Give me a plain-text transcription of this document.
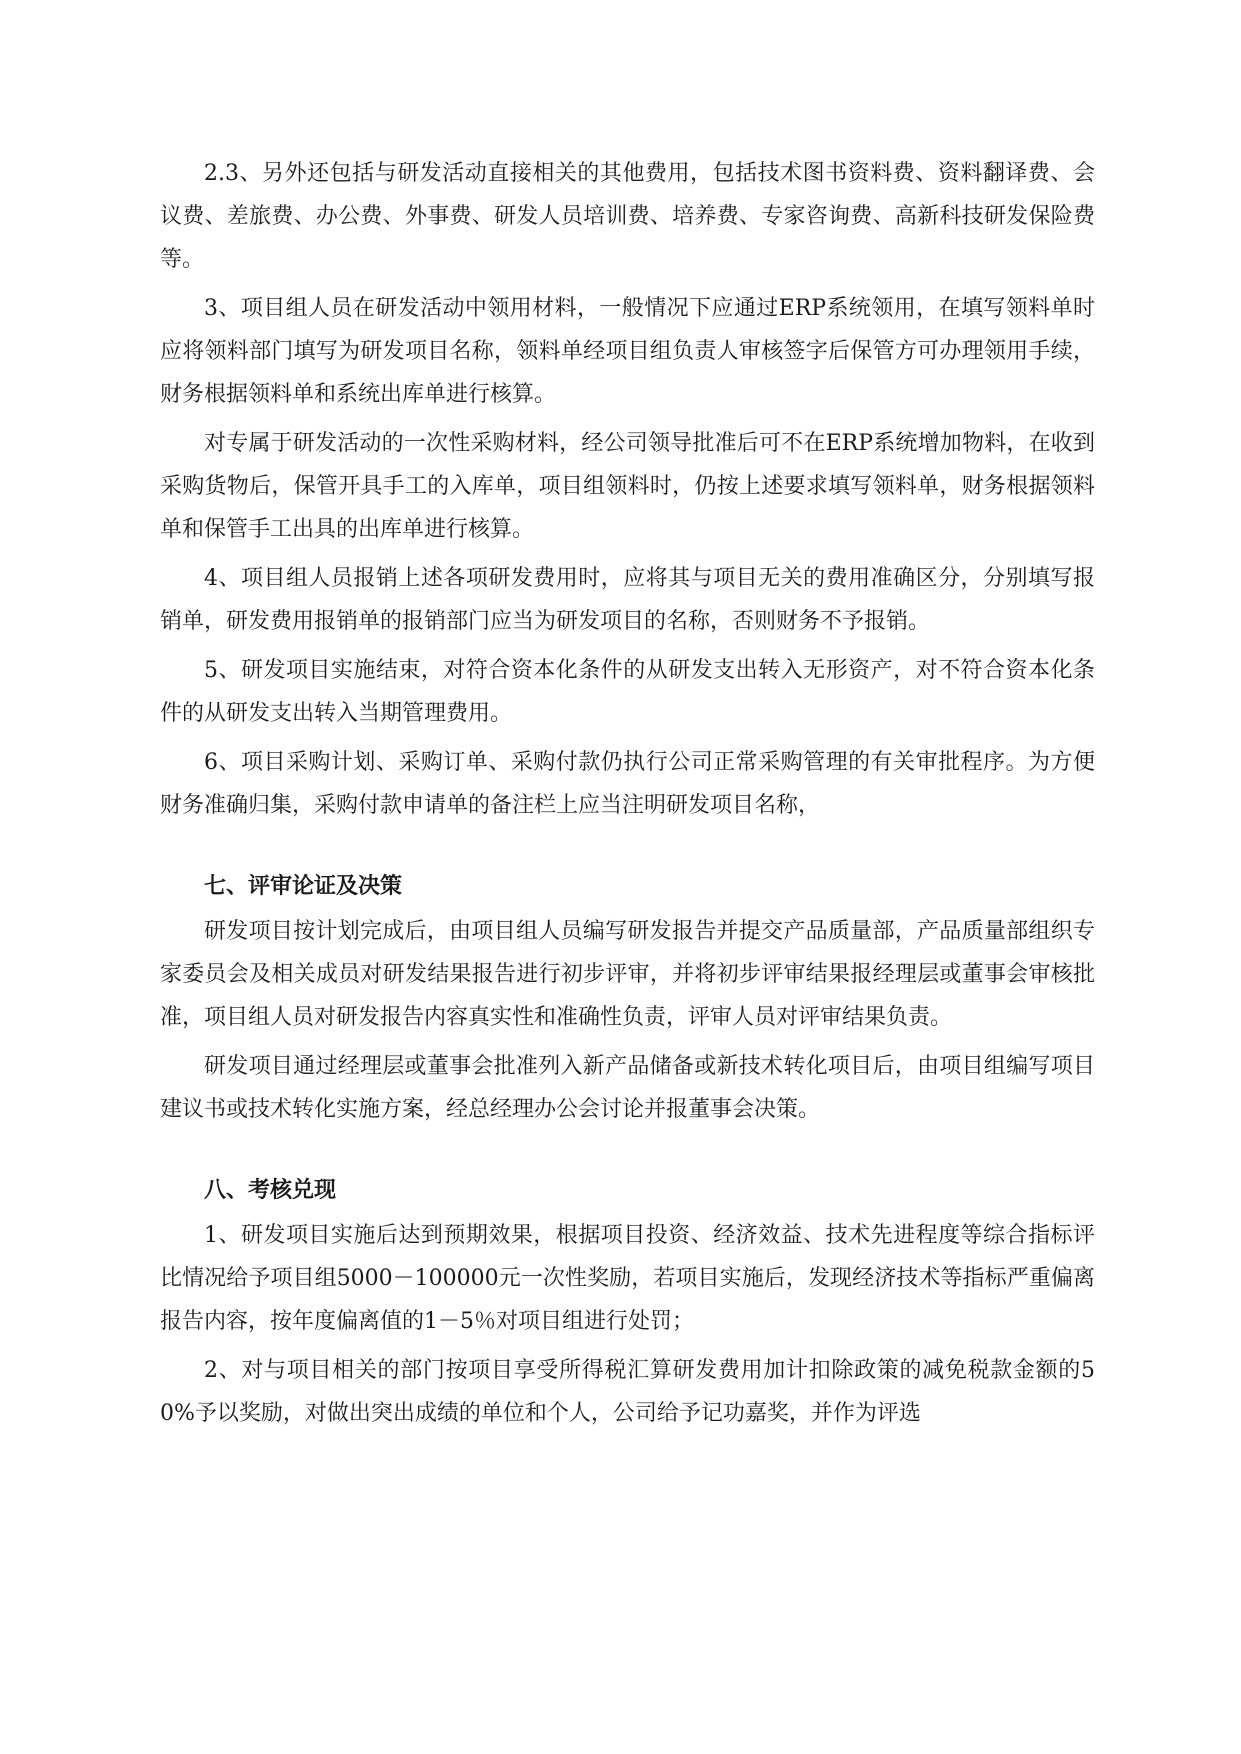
2.3、另外还包括与研发活动直接相关的其他费用，包括技术图书资料费、资料翻译费、会议费、差旅费、办公费、外事费、研发人员培训费、培养费、专家咨询费、高新科技研发保险费等。

3、项目组人员在研发活动中领用材料，一般情况下应通过ERP系统领用，在填写领料单时应将领料部门填写为研发项目名称，领料单经项目组负责人审核签字后保管方可办理领用手续，财务根据领料单和系统出库单进行核算。

对专属于研发活动的一次性采购材料，经公司领导批准后可不在ERP系统增加物料，在收到采购货物后，保管开具手工的入库单，项目组领料时，仍按上述要求填写领料单，财务根据领料单和保管手工出具的出库单进行核算。

4、项目组人员报销上述各项研发费用时，应将其与项目无关的费用准确区分，分别填写报销单，研发费用报销单的报销部门应当为研发项目的名称，否则财务不予报销。

5、研发项目实施结束，对符合资本化条件的从研发支出转入无形资产，对不符合资本化条件的从研发支出转入当期管理费用。

6、项目采购计划、采购订单、采购付款仍执行公司正常采购管理的有关审批程序。为方便财务准确归集，采购付款申请单的备注栏上应当注明研发项目名称，

七、评审论证及决策

研发项目按计划完成后，由项目组人员编写研发报告并提交产品质量部，产品质量部组织专家委员会及相关成员对研发结果报告进行初步评审，并将初步评审结果报经理层或董事会审核批准，项目组人员对研发报告内容真实性和准确性负责，评审人员对评审结果负责。

研发项目通过经理层或董事会批准列入新产品储备或新技术转化项目后，由项目组编写项目建议书或技术转化实施方案，经总经理办公会讨论并报董事会决策。

八、考核兑现

1、研发项目实施后达到预期效果，根据项目投资、经济效益、技术先进程度等综合指标评比情况给予项目组5000－100000元一次性奖励，若项目实施后，发现经济技术等指标严重偏离报告内容，按年度偏离值的1－5％对项目组进行处罚；

2、对与项目相关的部门按项目享受所得税汇算研发费用加计扣除政策的减免税款金额的50%予以奖励，对做出突出成绩的单位和个人，公司给予记功嘉奖，并作为评选
